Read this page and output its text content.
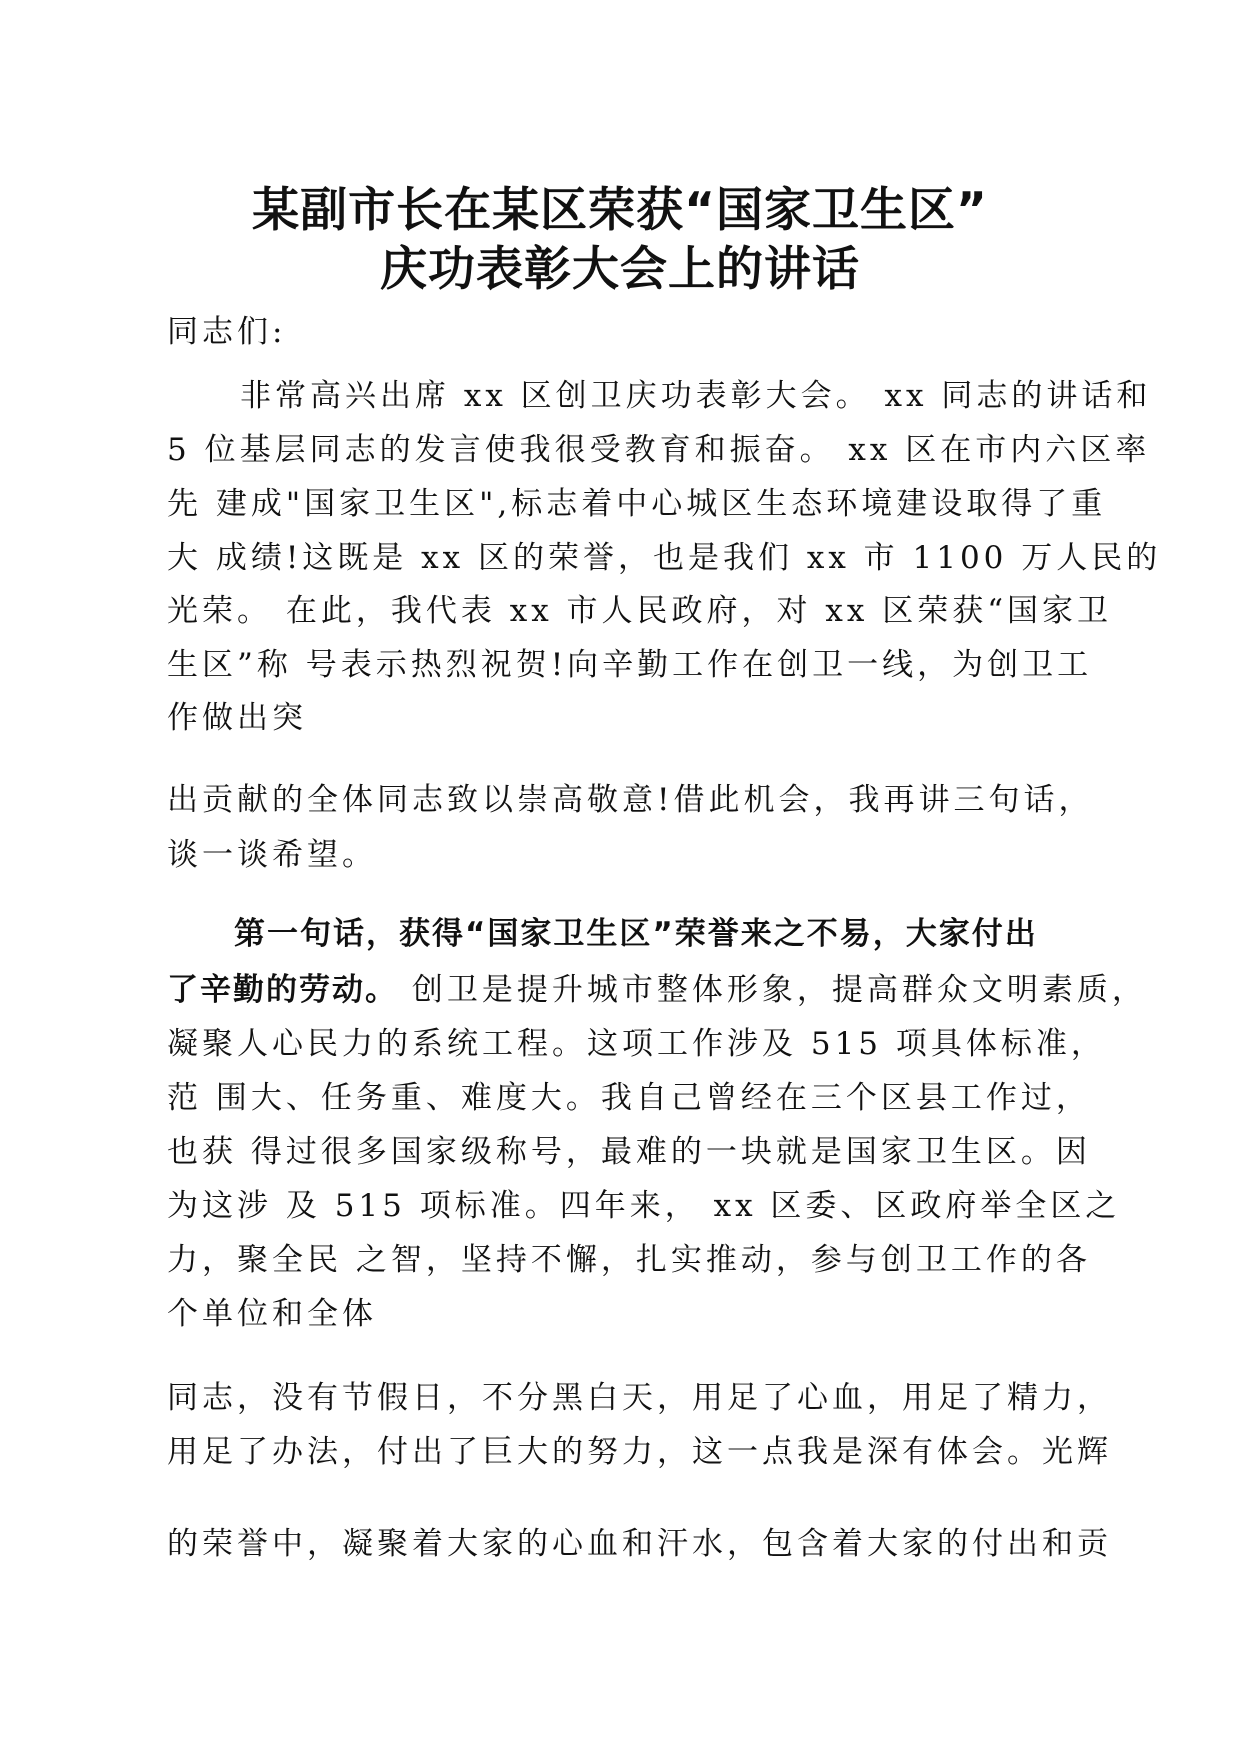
某副市长在某区荣获“国家卫生区”
庆功表彰大会上的讲话
同志们:
非常高兴出席 xx 区创卫庆功表彰大会。 xx 同志的讲话和
5 位基层同志的发言使我很受教育和振奋。 xx 区在市内六区率
先 建成"国家卫生区",标志着中心城区生态环境建设取得了重
大 成绩!这既是 xx 区的荣誉，也是我们 xx 市 1100 万人民的
光荣。 在此，我代表 xx 市人民政府，对 xx 区荣获“国家卫
生区”称 号表示热烈祝贺!向辛勤工作在创卫一线，为创卫工
作做出突
出贡献的全体同志致以崇高敬意!借此机会，我再讲三句话，
谈一谈希望。
第一句话，获得“国家卫生区”荣誉来之不易，大家付出
了辛勤的劳动。 创卫是提升城市整体形象，提高群众文明素质，
凝聚人心民力的系统工程。这项工作涉及 515 项具体标准，
范 围大、任务重、难度大。我自己曾经在三个区县工作过，
也获 得过很多国家级称号，最难的一块就是国家卫生区。因
为这涉 及 515 项标准。四年来， xx 区委、区政府举全区之
力，聚全民 之智，坚持不懈，扎实推动，参与创卫工作的各
个单位和全体
同志，没有节假日，不分黑白天，用足了心血，用足了精力，
用足了办法，付出了巨大的努力，这一点我是深有体会。光辉
的荣誉中，凝聚着大家的心血和汗水，包含着大家的付出和贡
